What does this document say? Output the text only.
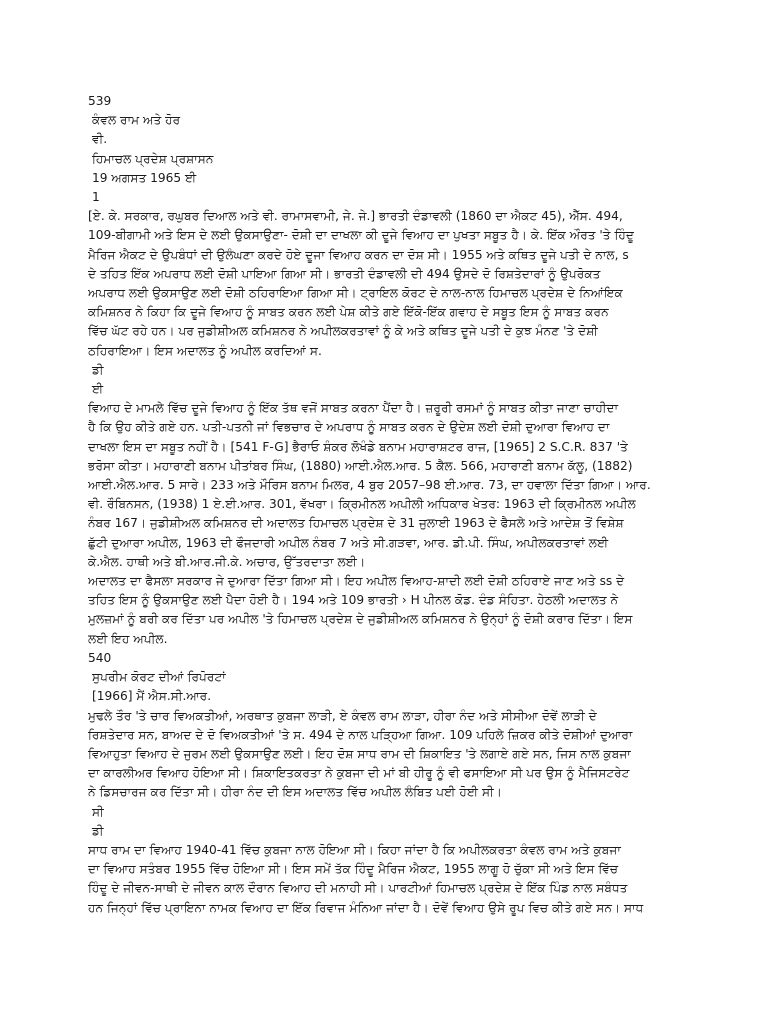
539

ਕੰਵਲ ਰਾਮ ਅਤੇ ਹੋਰ

ਵੀ.

ਹਿਮਾਚਲ ਪ੍ਰਦੇਸ਼ ਪ੍ਰਸ਼ਾਸਨ

19 ਅਗਸਤ 1965 ਈ

1

[ਏ. ਕੇ. ਸਰਕਾਰ, ਰਘੁਬਰ ਦਿਆਲ ਅਤੇ ਵੀ. ਰਾਮਾਸਵਾਮੀ, ਜੇ. ਜੇ.] ਭਾਰਤੀ ਦੰਡਾਵਲੀ (1860 ਦਾ ਐਕਟ 45), ਐੱਸ. 494,

109-ਬੀਗਾਮੀ ਅਤੇ ਇਸ ਦੇ ਲਈ ਉਕਸਾਉਣਾ- ਦੋਸ਼ੀ ਦਾ ਦਾਖਲਾ ਕੀ ਦੂਜੇ ਵਿਆਹ ਦਾ ਪੁਖਤਾ ਸਬੂਤ ਹੈ। ਕੇ. ਇੱਕ ਔਰਤ 'ਤੇ ਹਿੰਦੂ

ਮੈਰਿਜ ਐਕਟ ਦੇ ਉਪਬੰਧਾਂ ਦੀ ਉਲੰਘਣਾ ਕਰਦੇ ਹੋਏ ਦੂਜਾ ਵਿਆਹ ਕਰਨ ਦਾ ਦੋਸ਼ ਸੀ। 1955 ਅਤੇ ਕਥਿਤ ਦੂਜੇ ਪਤੀ ਦੇ ਨਾਲ, s

ਦੇ ਤਹਿਤ ਇੱਕ ਅਪਰਾਧ ਲਈ ਦੋਸ਼ੀ ਪਾਇਆ ਗਿਆ ਸੀ। ਭਾਰਤੀ ਦੰਡਾਵਲੀ ਦੀ 494 ਉਸਦੇ ਦੋ ਰਿਸ਼ਤੇਦਾਰਾਂ ਨੂੰ ਉਪਰੋਕਤ

ਅਪਰਾਧ ਲਈ ਉਕਸਾਉਣ ਲਈ ਦੋਸ਼ੀ ਠਹਿਰਾਇਆ ਗਿਆ ਸੀ। ਟ੍ਰਾਇਲ ਕੋਰਟ ਦੇ ਨਾਲ-ਨਾਲ ਹਿਮਾਚਲ ਪ੍ਰਦੇਸ਼ ਦੇ ਨਿਆਂਇਕ

ਕਮਿਸ਼ਨਰ ਨੇ ਕਿਹਾ ਕਿ ਦੂਜੇ ਵਿਆਹ ਨੂੰ ਸਾਬਤ ਕਰਨ ਲਈ ਪੇਸ਼ ਕੀਤੇ ਗਏ ਇੱਕੋ-ਇੱਕ ਗਵਾਹ ਦੇ ਸਬੂਤ ਇਸ ਨੂੰ ਸਾਬਤ ਕਰਨ

ਵਿੱਚ ਘੱਟ ਰਹੇ ਹਨ। ਪਰ ਜੁਡੀਸ਼ੀਅਲ ਕਮਿਸ਼ਨਰ ਨੇ ਅਪੀਲਕਰਤਾਵਾਂ ਨੂੰ ਕੇ ਅਤੇ ਕਥਿਤ ਦੂਜੇ ਪਤੀ ਦੇ ਕੁਝ ਮੰਨਣ 'ਤੇ ਦੋਸ਼ੀ

ਠਹਿਰਾਇਆ। ਇਸ ਅਦਾਲਤ ਨੂੰ ਅਪੀਲ ਕਰਦਿਆਂ ਸ.

ਡੀ

ਈ

ਵਿਆਹ ਦੇ ਮਾਮਲੇ ਵਿੱਚ ਦੂਜੇ ਵਿਆਹ ਨੂੰ ਇੱਕ ਤੱਥ ਵਜੋਂ ਸਾਬਤ ਕਰਨਾ ਪੈਂਦਾ ਹੈ। ਜ਼ਰੂਰੀ ਰਸਮਾਂ ਨੂੰ ਸਾਬਤ ਕੀਤਾ ਜਾਣਾ ਚਾਹੀਦਾ

ਹੈ ਕਿ ਉਹ ਕੀਤੇ ਗਏ ਹਨ. ਪਤੀ-ਪਤਨੀ ਜਾਂ ਵਿਭਚਾਰ ਦੇ ਅਪਰਾਧ ਨੂੰ ਸਾਬਤ ਕਰਨ ਦੇ ਉਦੇਸ਼ ਲਈ ਦੋਸ਼ੀ ਦੁਆਰਾ ਵਿਆਹ ਦਾ

ਦਾਖਲਾ ਇਸ ਦਾ ਸਬੂਤ ਨਹੀਂ ਹੈ। [541 F-G] ਭੈਰਾਓ ਸ਼ੰਕਰ ਲੋਖੰਡੇ ਬਨਾਮ ਮਹਾਰਾਸ਼ਟਰ ਰਾਜ, [1965] 2 S.C.R. 837 'ਤੇ

ਭਰੋਸਾ ਕੀਤਾ। ਮਹਾਰਾਣੀ ਬਨਾਮ ਪੀਤਾਂਬਰ ਸਿੰਘ, (1880) ਆਈ.ਐਲ.ਆਰ. 5 ਕੈਲ. 566, ਮਹਾਰਾਣੀ ਬਨਾਮ ਕੱਲੂ, (1882)

ਆਈ.ਐਲ.ਆਰ. 5 ਸਾਰੇ। 233 ਅਤੇ ਮੌਰਿਸ ਬਨਾਮ ਮਿਲਰ, 4 ਬੁਰ 2057–98 ਈ.ਆਰ. 73, ਦਾ ਹਵਾਲਾ ਦਿੱਤਾ ਗਿਆ। ਆਰ.

ਵੀ. ਰੌਬਿਨਸਨ, (1938) 1 ਏ.ਈ.ਆਰ. 301, ਵੱਖਰਾ। ਕ੍ਰਿਮੀਨਲ ਅਪੀਲੀ ਅਧਿਕਾਰ ਖੇਤਰ: 1963 ਦੀ ਕ੍ਰਿਮੀਨਲ ਅਪੀਲ

ਨੰਬਰ 167। ਜੁਡੀਸ਼ੀਅਲ ਕਮਿਸ਼ਨਰ ਦੀ ਅਦਾਲਤ ਹਿਮਾਚਲ ਪ੍ਰਦੇਸ਼ ਦੇ 31 ਜੁਲਾਈ 1963 ਦੇ ਫੈਸਲੇ ਅਤੇ ਆਦੇਸ਼ ਤੋਂ ਵਿਸ਼ੇਸ਼

ਛੁੱਟੀ ਦੁਆਰਾ ਅਪੀਲ, 1963 ਦੀ ਫੌਜਦਾਰੀ ਅਪੀਲ ਨੰਬਰ 7 ਅਤੇ ਸੀ.ਗੜਵਾ, ਆਰ. ਡੀ.ਪੀ. ਸਿੰਘ, ਅਪੀਲਕਰਤਾਵਾਂ ਲਈ

ਕੇ.ਐਲ. ਹਾਥੀ ਅਤੇ ਬੀ.ਆਰ.ਜੀ.ਕੇ. ਅਚਾਰ, ਉੱਤਰਦਾਤਾ ਲਈ।

ਅਦਾਲਤ ਦਾ ਫੈਸਲਾ ਸਰਕਾਰ ਜੇ ਦੁਆਰਾ ਦਿੱਤਾ ਗਿਆ ਸੀ। ਇਹ ਅਪੀਲ ਵਿਆਹ-ਸ਼ਾਦੀ ਲਈ ਦੋਸ਼ੀ ਠਹਿਰਾਏ ਜਾਣ ਅਤੇ ss ਦੇ

ਤਹਿਤ ਇਸ ਨੂੰ ਉਕਸਾਉਣ ਲਈ ਪੈਦਾ ਹੋਈ ਹੈ। 194 ਅਤੇ 109 ਭਾਰਤੀ › H ਪੀਨਲ ਕੋਡ. ਦੰਡ ਸੰਹਿਤਾ. ਹੇਠਲੀ ਅਦਾਲਤ ਨੇ

ਮੁਲਜ਼ਮਾਂ ਨੂੰ ਬਰੀ ਕਰ ਦਿੱਤਾ ਪਰ ਅਪੀਲ 'ਤੇ ਹਿਮਾਚਲ ਪ੍ਰਦੇਸ਼ ਦੇ ਜੁਡੀਸ਼ੀਅਲ ਕਮਿਸ਼ਨਰ ਨੇ ਉਨ੍ਹਾਂ ਨੂੰ ਦੋਸ਼ੀ ਕਰਾਰ ਦਿੱਤਾ। ਇਸ

ਲਈ ਇਹ ਅਪੀਲ.

540

ਸੁਪਰੀਮ ਕੋਰਟ ਦੀਆਂ ਰਿਪੋਰਟਾਂ

[1966] ਮੈਂ ਐਸ.ਸੀ.ਆਰ.

ਮੁਢਲੇ ਤੌਰ 'ਤੇ ਚਾਰ ਵਿਅਕਤੀਆਂ, ਅਰਥਾਤ ਕੁਬਜਾ ਲਾੜੀ, ਏ ਕੰਵਲ ਰਾਮ ਲਾੜਾ, ਹੀਰਾ ਨੰਦ ਅਤੇ ਸੀਸੀਆ ਦੋਵੇਂ ਲਾੜੀ ਦੇ

ਰਿਸ਼ਤੇਦਾਰ ਸਨ, ਬਾਅਦ ਦੇ ਦੋ ਵਿਅਕਤੀਆਂ 'ਤੇ ਸ. 494 ਦੇ ਨਾਲ ਪੜ੍ਹਿਆ ਗਿਆ. 109 ਪਹਿਲੇ ਜ਼ਿਕਰ ਕੀਤੇ ਦੋਸ਼ੀਆਂ ਦੁਆਰਾ

ਵਿਆਹੁਤਾ ਵਿਆਹ ਦੇ ਜੁਰਮ ਲਈ ਉਕਸਾਉਣ ਲਈ। ਇਹ ਦੋਸ਼ ਸਾਧ ਰਾਮ ਦੀ ਸ਼ਿਕਾਇਤ 'ਤੇ ਲਗਾਏ ਗਏ ਸਨ, ਜਿਸ ਨਾਲ ਕੁਬਜਾ

ਦਾ ਕਾਰਲੀਅਰ ਵਿਆਹ ਹੋਇਆ ਸੀ। ਸ਼ਿਕਾਇਤਕਰਤਾ ਨੇ ਕੁਬਜਾ ਦੀ ਮਾਂ ਬੀ ਹੀਰੂ ਨੂੰ ਵੀ ਫਸਾਇਆ ਸੀ ਪਰ ਉਸ ਨੂੰ ਮੈਜਿਸਟਰੇਟ

ਨੇ ਡਿਸਚਾਰਜ ਕਰ ਦਿੱਤਾ ਸੀ। ਹੀਰਾ ਨੰਦ ਦੀ ਇਸ ਅਦਾਲਤ ਵਿੱਚ ਅਪੀਲ ਲੰਬਿਤ ਪਈ ਹੋਈ ਸੀ।

ਸੀ

ਡੀ

ਸਾਧ ਰਾਮ ਦਾ ਵਿਆਹ 1940-41 ਵਿੱਚ ਕੁਬਜਾ ਨਾਲ ਹੋਇਆ ਸੀ। ਕਿਹਾ ਜਾਂਦਾ ਹੈ ਕਿ ਅਪੀਲਕਰਤਾ ਕੰਵਲ ਰਾਮ ਅਤੇ ਕੁਬਜਾ

ਦਾ ਵਿਆਹ ਸਤੰਬਰ 1955 ਵਿੱਚ ਹੋਇਆ ਸੀ। ਇਸ ਸਮੇਂ ਤੱਕ ਹਿੰਦੂ ਮੈਰਿਜ ਐਕਟ, 1955 ਲਾਗੂ ਹੋ ਚੁੱਕਾ ਸੀ ਅਤੇ ਇਸ ਵਿੱਚ

ਹਿੰਦੂ ਦੇ ਜੀਵਨ-ਸਾਥੀ ਦੇ ਜੀਵਨ ਕਾਲ ਦੌਰਾਨ ਵਿਆਹ ਦੀ ਮਨਾਹੀ ਸੀ। ਪਾਰਟੀਆਂ ਹਿਮਾਚਲ ਪ੍ਰਦੇਸ਼ ਦੇ ਇੱਕ ਪਿੰਡ ਨਾਲ ਸਬੰਧਤ

ਹਨ ਜਿਨ੍ਹਾਂ ਵਿੱਚ ਪ੍ਰਾਇਨਾ ਨਾਮਕ ਵਿਆਹ ਦਾ ਇੱਕ ਰਿਵਾਜ ਮੰਨਿਆ ਜਾਂਦਾ ਹੈ। ਦੋਵੇਂ ਵਿਆਹ ਉਸੇ ਰੂਪ ਵਿਚ ਕੀਤੇ ਗਏ ਸਨ। ਸਾਧ
